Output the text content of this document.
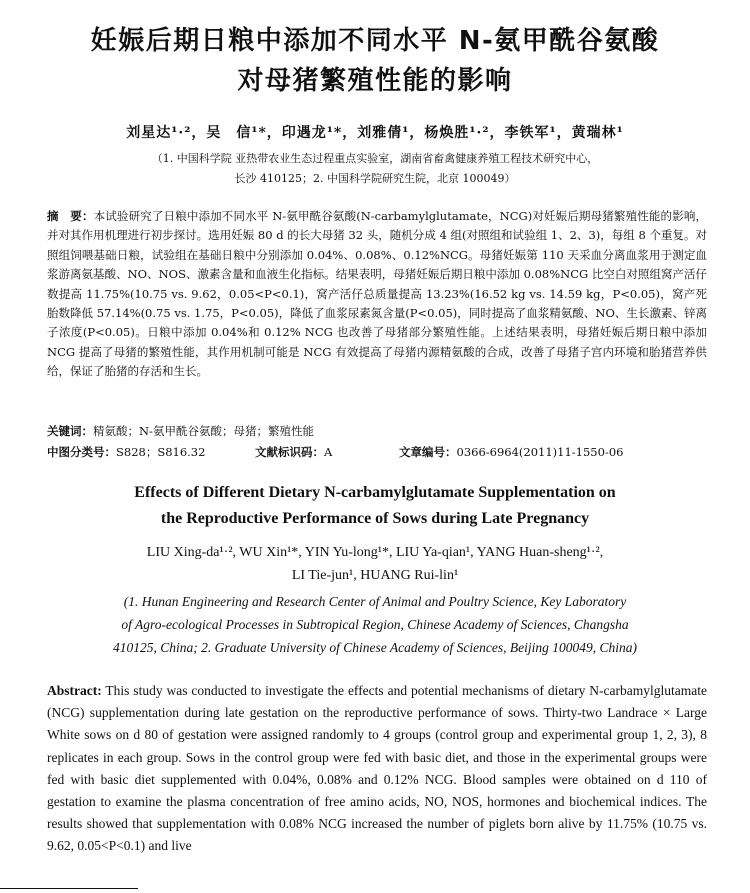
妊娠后期日粮中添加不同水平 N-氨甲酰谷氨酸
对母猪繁殖性能的影响
刘星达¹·²，吴　信¹*，印遇龙¹*，刘雅倩¹，杨焕胜¹·²，李铁军¹，黄瑞林¹
（1. 中国科学院 亚热带农业生态过程重点实验室，湖南省畜禽健康养殖工程技术研究中心，
长沙 410125；2. 中国科学院研究生院，北京 100049）
摘　要：本试验研究了日粮中添加不同水平 N-氨甲酰谷氨酸(N-carbamylglutamate，NCG)对妊娠后期母猪繁殖性能的影响，并对其作用机理进行初步探讨。选用妊娠 80 d 的长大母猪 32 头，随机分成 4 组(对照组和试验组 1、2、3)，每组 8 个重复。对照组饲喂基础日粮，试验组在基础日粮中分别添加 0.04%、0.08%、0.12%NCG。母猪妊娠第 110 天采血分离血浆用于测定血浆游离氨基酸、NO、NOS、激素含量和血液生化指标。结果表明，母猪妊娠后期日粮中添加 0.08%NCG 比空白对照组窝产活仔数提高 11.75%(10.75 vs. 9.62，0.05<P<0.1)，窝产活仔总质量提高 13.23%(16.52 kg vs. 14.59 kg，P<0.05)，窝产死胎数降低 57.14%(0.75 vs. 1.75，P<0.05)，降低了血浆尿素氮含量(P<0.05)，同时提高了血浆精氨酸、NO、生长激素、锌离子浓度(P<0.05)。日粮中添加 0.04%和 0.12% NCG 也改善了母猪部分繁殖性能。上述结果表明，母猪妊娠后期日粮中添加 NCG 提高了母猪的繁殖性能，其作用机制可能是 NCG 有效提高了母猪内源精氨酸的合成，改善了母猪子宫内环境和胎猪营养供给，保证了胎猪的存活和生长。
关键词：精氨酸；N-氨甲酰谷氨酸；母猪；繁殖性能
中图分类号：S828；S816.32	文献标识码：A	文章编号：0366-6964(2011)11-1550-06
Effects of Different Dietary N-carbamylglutamate Supplementation on
the Reproductive Performance of Sows during Late Pregnancy
LIU Xing-da¹·², WU Xin¹*, YIN Yu-long¹*, LIU Ya-qian¹, YANG Huan-sheng¹·²,
LI Tie-jun¹, HUANG Rui-lin¹
(1. Hunan Engineering and Research Center of Animal and Poultry Science, Key Laboratory
of Agro-ecological Processes in Subtropical Region, Chinese Academy of Sciences, Changsha
410125, China; 2. Graduate University of Chinese Academy of Sciences, Beijing 100049, China)
Abstract: This study was conducted to investigate the effects and potential mechanisms of dietary N-carbamylglutamate (NCG) supplementation during late gestation on the reproductive performance of sows. Thirty-two Landrace × Large White sows on d 80 of gestation were assigned randomly to 4 groups (control group and experimental group 1, 2, 3), 8 replicates in each group. Sows in the control group were fed with basic diet, and those in the experimental groups were fed with basic diet supplemented with 0.04%, 0.08% and 0.12% NCG. Blood samples were obtained on d 110 of gestation to examine the plasma concentration of free amino acids, NO, NOS, hormones and biochemical indices. The results showed that supplementation with 0.08% NCG increased the number of piglets born alive by 11.75% (10.75 vs. 9.62, 0.05<P<0.1) and live
